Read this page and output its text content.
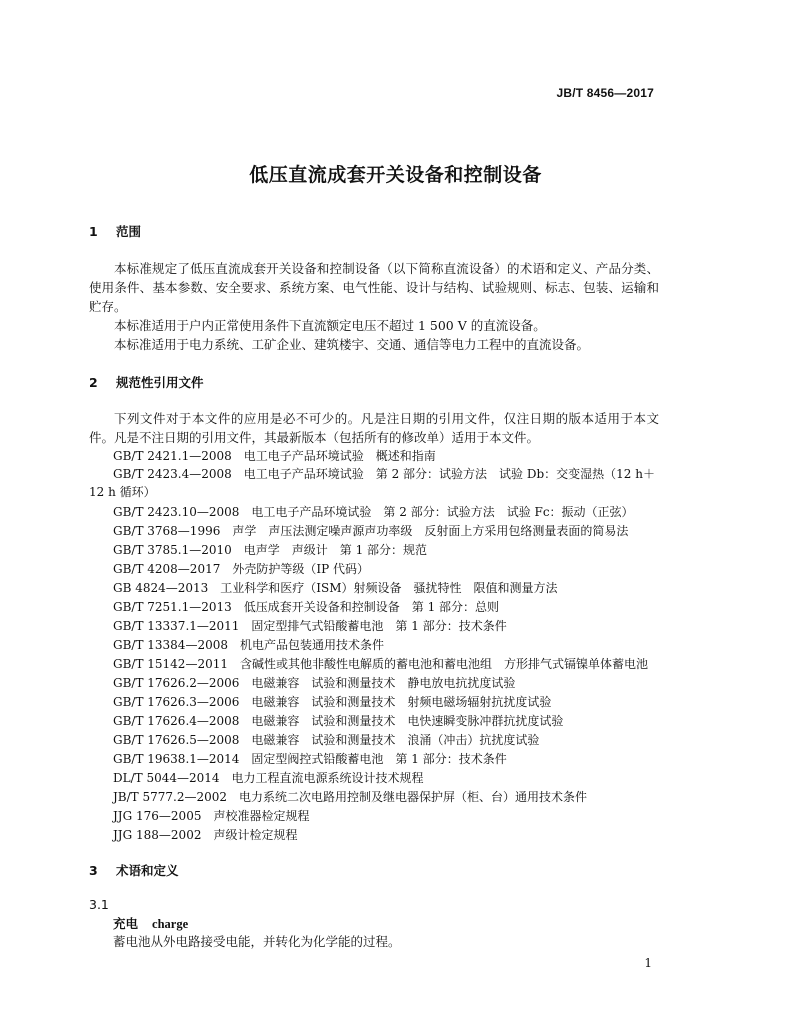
JB/T 8456—2017
低压直流成套开关设备和控制设备
1 范围

本标准规定了低压直流成套开关设备和控制设备（以下简称直流设备）的术语和定义、产品分类、使用条件、基本参数、安全要求、系统方案、电气性能、设计与结构、试验规则、标志、包装、运输和贮存。

本标准适用于户内正常使用条件下直流额定电压不超过 1 500 V 的直流设备。

本标准适用于电力系统、工矿企业、建筑楼宇、交通、通信等电力工程中的直流设备。

2 规范性引用文件

下列文件对于本文件的应用是必不可少的。凡是注日期的引用文件，仅注日期的版本适用于本文件。凡是不注日期的引用文件，其最新版本（包括所有的修改单）适用于本文件。

GB/T 2421.1—2008　电工电子产品环境试验　概述和指南
GB/T 2423.4—2008　电工电子产品环境试验　第 2 部分：试验方法　试验 Db：交变湿热（12 h＋12 h 循环）
GB/T 2423.10—2008　电工电子产品环境试验　第 2 部分：试验方法　试验 Fc：振动（正弦）
GB/T 3768—1996　声学　声压法测定噪声源声功率级　反射面上方采用包络测量表面的简易法
GB/T 3785.1—2010　电声学　声级计　第 1 部分：规范
GB/T 4208—2017　外壳防护等级（IP 代码）
GB 4824—2013　工业科学和医疗（ISM）射频设备　骚扰特性　限值和测量方法
GB/T 7251.1—2013　低压成套开关设备和控制设备　第 1 部分：总则
GB/T 13337.1—2011　固定型排气式铅酸蓄电池　第 1 部分：技术条件
GB/T 13384—2008　机电产品包装通用技术条件
GB/T 15142—2011　含碱性或其他非酸性电解质的蓄电池和蓄电池组　方形排气式镉镍单体蓄电池
GB/T 17626.2—2006　电磁兼容　试验和测量技术　静电放电抗扰度试验
GB/T 17626.3—2006　电磁兼容　试验和测量技术　射频电磁场辐射抗扰度试验
GB/T 17626.4—2008　电磁兼容　试验和测量技术　电快速瞬变脉冲群抗扰度试验
GB/T 17626.5—2008　电磁兼容　试验和测量技术　浪涌（冲击）抗扰度试验
GB/T 19638.1—2014　固定型阀控式铅酸蓄电池　第 1 部分：技术条件
DL/T 5044—2014　电力工程直流电源系统设计技术规程
JB/T 5777.2—2002　电力系统二次电路用控制及继电器保护屏（柜、台）通用技术条件
JJG 176—2005　声校准器检定规程
JJG 188—2002　声级计检定规程
3 术语和定义
3.1
充电 charge
蓄电池从外电路接受电能，并转化为化学能的过程。
1
